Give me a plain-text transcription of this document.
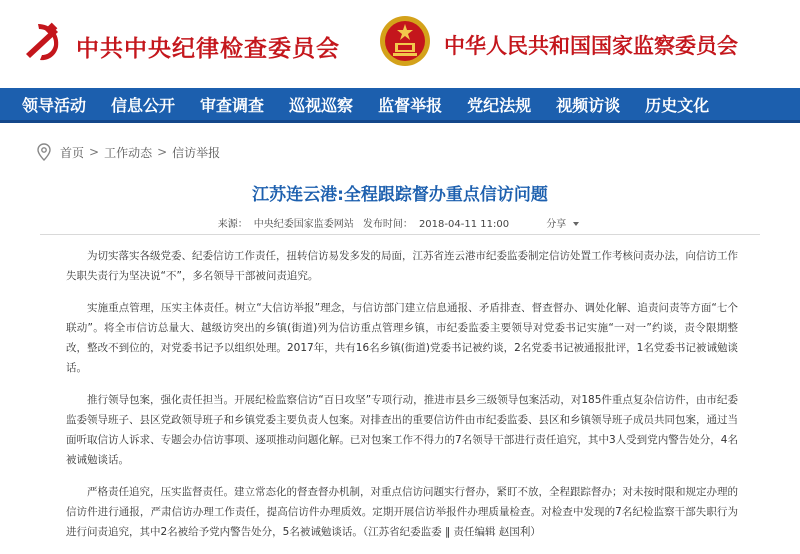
中共中央纪律检查委员会	中华人民共和国国家监察委员会
领导活动 信息公开 审查调查 巡视巡察 监督举报 党纪法规 视频访谈 历史文化
首页 > 工作动态 > 信访举报
江苏连云港:全程跟踪督办重点信访问题
来源： 中央纪委国家监委网站 发布时间： 2018-04-11 11:00	分享

为切实落实各级党委、纪委信访工作责任，扭转信访易发多发的局面，江苏省连云港市纪委监委制定信访处置工作考核问责办法，向信访工作失职失责行为坚决说“不”，多名领导干部被问责追究。

实施重点管理，压实主体责任。树立“大信访举报”理念，与信访部门建立信息通报、矛盾排查、督查督办、调处化解、追责问责等方面“七个联动”。将全市信访总量大、越级访突出的乡镇(街道)列为信访重点管理乡镇，市纪委监委主要领导对党委书记实施“一对一”约谈，责令限期整改，整改不到位的，对党委书记予以组织处理。2017年，共有16名乡镇(街道)党委书记被约谈，2名党委书记被通报批评，1名党委书记被诫勉谈话。

推行领导包案，强化责任担当。开展纪检监察信访“百日攻坚”专项行动，推进市县乡三级领导包案活动，对185件重点复杂信访件，由市纪委监委领导班子、县区党政领导班子和乡镇党委主要负责人包案。对排查出的重要信访件由市纪委监委、县区和乡镇领导班子成员共同包案，通过当面听取信访人诉求、专题会办信访事项、逐项推动问题化解。已对包案工作不得力的7名领导干部进行责任追究，其中3人受到党内警告处分，4名被诫勉谈话。

严格责任追究，压实监督责任。建立常态化的督查督办机制，对重点信访问题实行督办，紧盯不放，全程跟踪督办；对未按时限和规定办理的信访件进行通报，严肃信访办理工作责任，提高信访件办理质效。定期开展信访举报件办理质量检查。对检查中发现的7名纪检监察干部失职行为进行问责追究，其中2名被给予党内警告处分，5名被诫勉谈话。（江苏省纪委监委 ‖ 责任编辑 赵国利）
